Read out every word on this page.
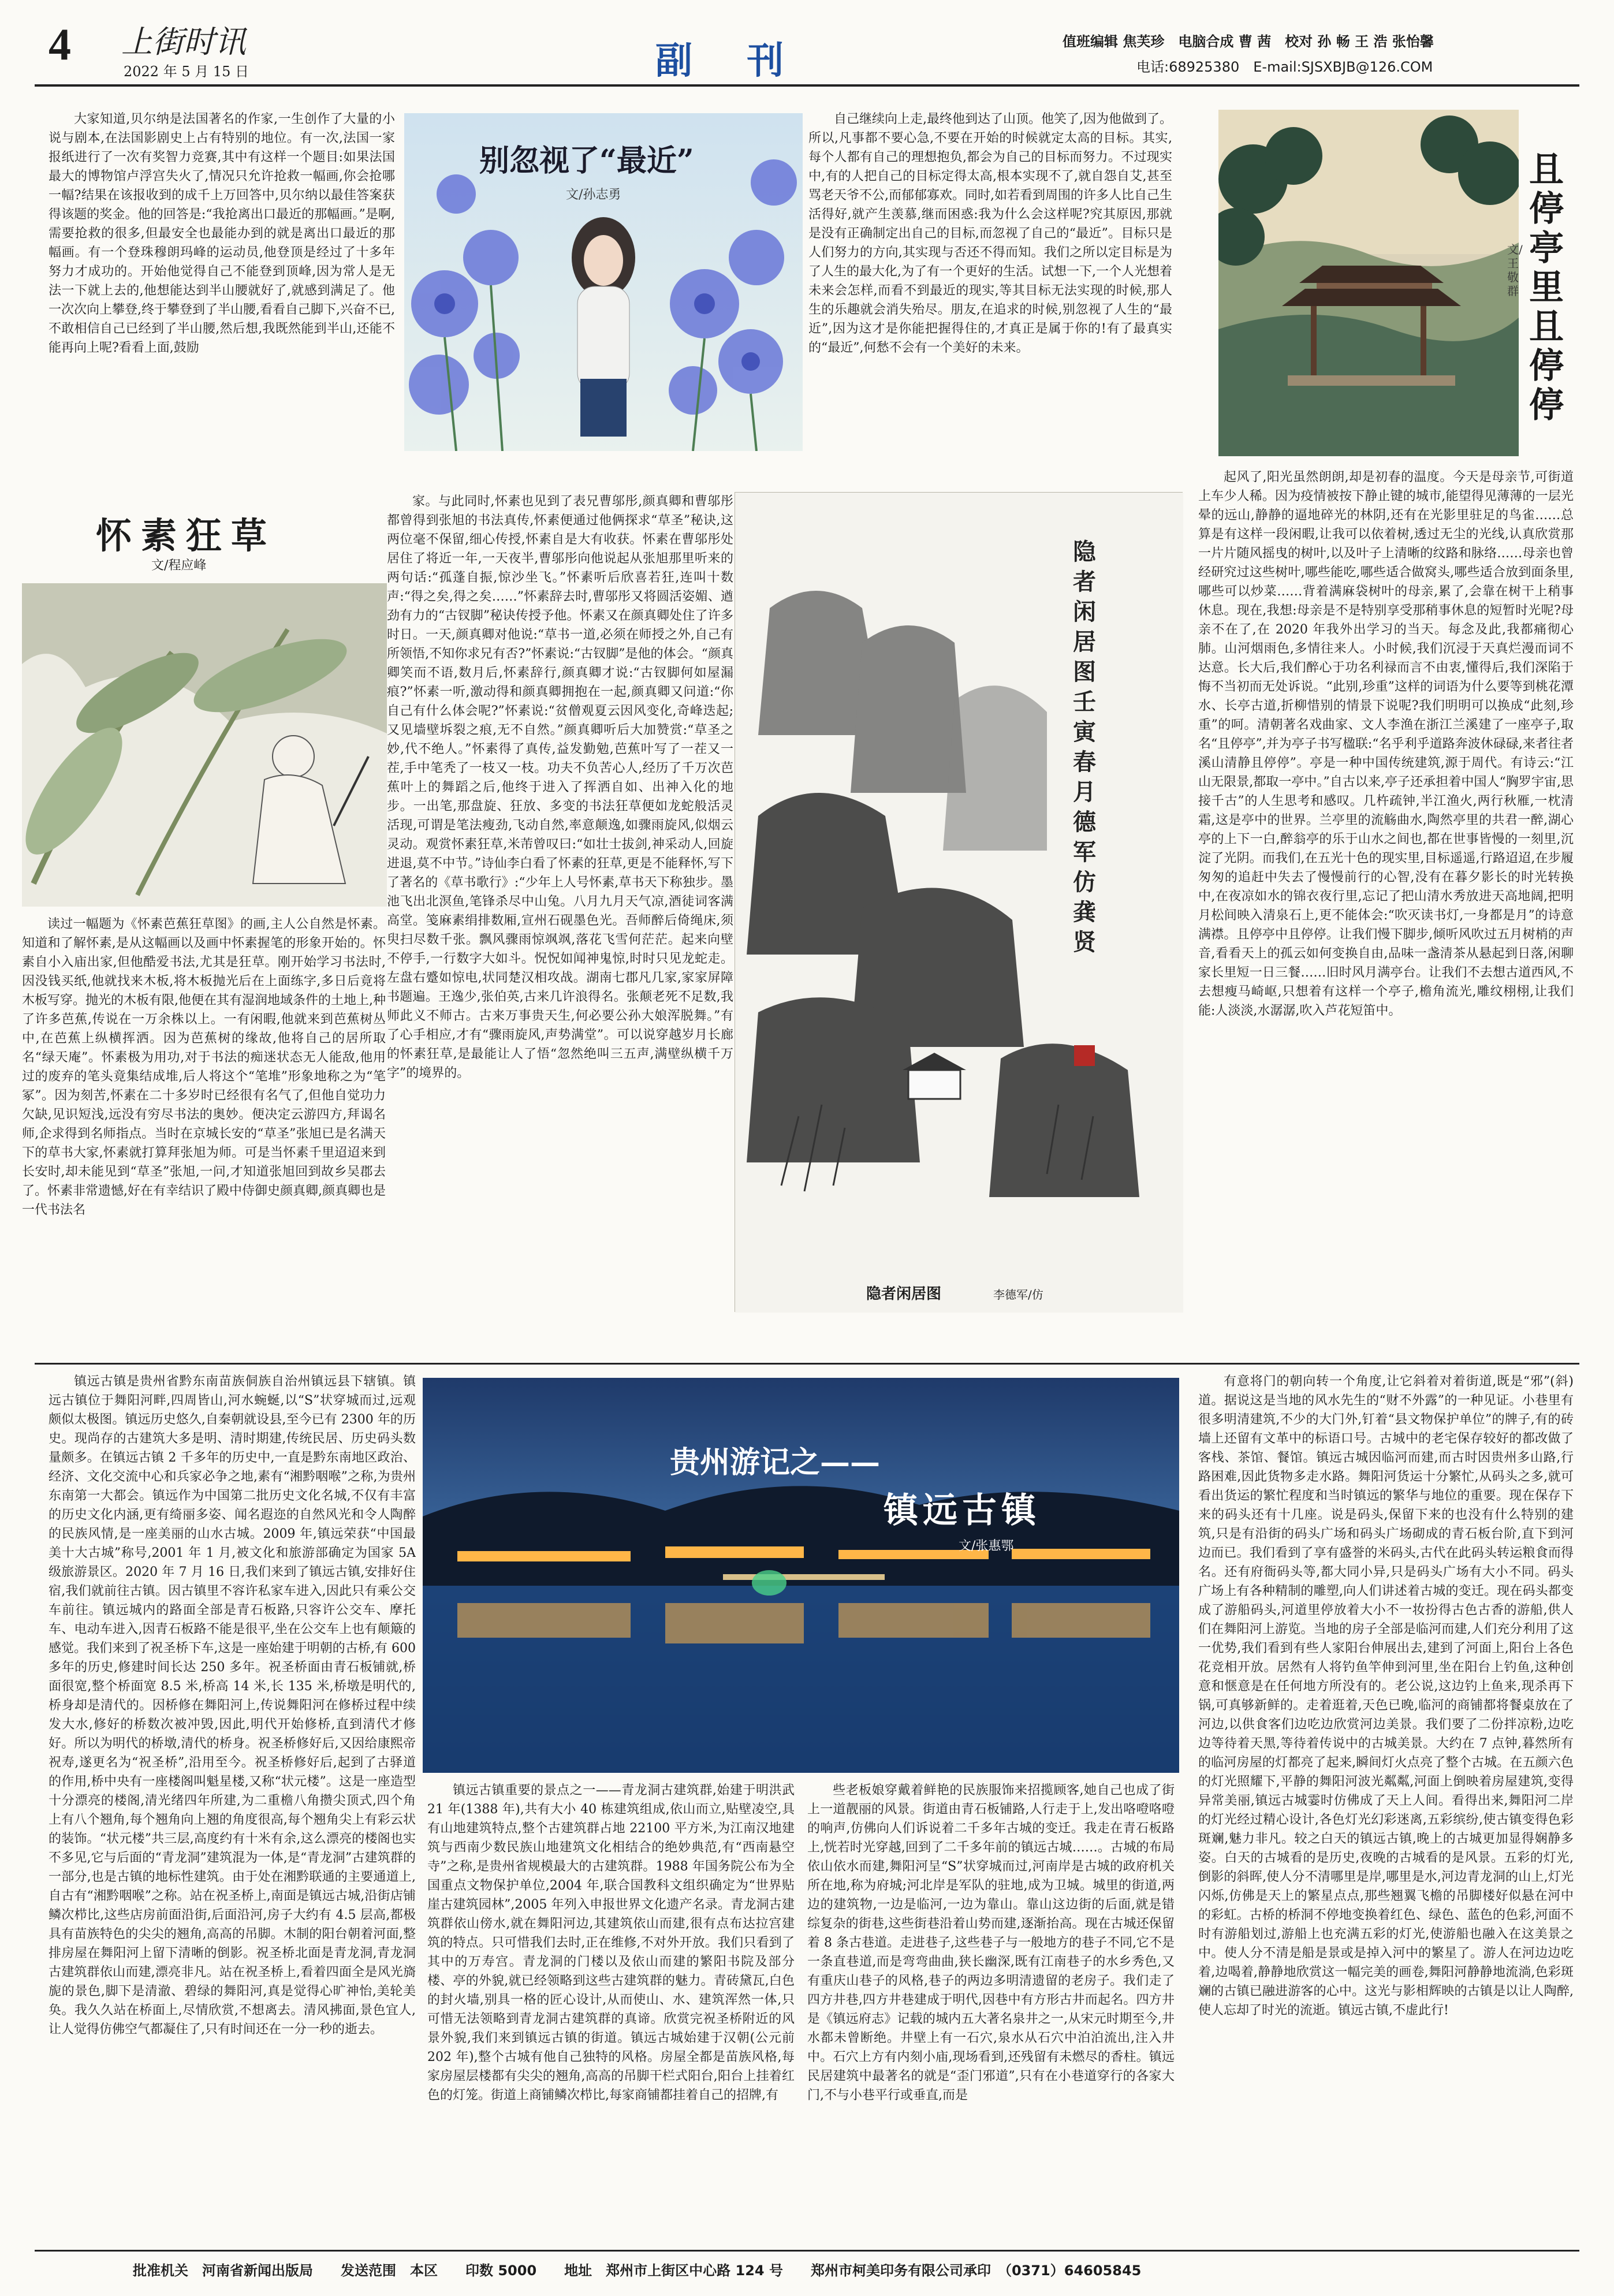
4 上街时讯
2022 年 5 月 15 日	副 刊	值班编辑 焦芙珍　电脑合成 曹 茜　校对 孙 畅 王 浩 张怡馨
电话:68925380　E-mail:SJSXBJB@126.COM

大家知道,贝尔纳是法国著名的作家,一生创作了大量的小说与剧本,在法国影剧史上占有特别的地位。有一次,法国一家报纸进行了一次有奖智力竞赛,其中有这样一个题目:如果法国最大的博物馆卢浮宫失火了,情况只允许抢救一幅画,你会抢哪一幅?结果在该报收到的成千上万回答中,贝尔纳以最佳答案获得该题的奖金。他的回答是:“我抢离出口最近的那幅画。”是啊,需要抢救的很多,但最安全也最能办到的就是离出口最近的那幅画。有一个登珠穆朗玛峰的运动员,他登顶是经过了十多年努力才成功的。开始他觉得自己不能登到顶峰,因为常人是无法一下就上去的,他想能达到半山腰就好了,就感到满足了。他一次次向上攀登,终于攀登到了半山腰,看看自己脚下,兴奋不已,不敢相信自己已经到了半山腰,然后想,我既然能到半山,还能不能再向上呢?看看上面,鼓励

别忽视了“最近”
文/孙志勇

自己继续向上走,最终他到达了山顶。他笑了,因为他做到了。所以,凡事都不要心急,不要在开始的时候就定太高的目标。其实,每个人都有自己的理想抱负,都会为自己的目标而努力。不过现实中,有的人把自己的目标定得太高,根本实现不了,就自怨自艾,甚至骂老天爷不公,而郁郁寡欢。同时,如若看到周围的许多人比自己生活得好,就产生羡慕,继而困惑:我为什么会这样呢?究其原因,那就是没有正确制定出自己的目标,而忽视了自己的“最近”。目标只是人们努力的方向,其实现与否还不得而知。我们之所以定目标是为了人生的最大化,为了有一个更好的生活。试想一下,一个人光想着未来会怎样,而看不到最近的现实,等其目标无法实现的时候,那人生的乐趣就会消失殆尽。朋友,在追求的时候,别忽视了人生的“最近”,因为这才是你能把握得住的,才真正是属于你的!有了最真实的“最近”,何愁不会有一个美好的未来。

且停亭里且停停
文/王敬群

起风了,阳光虽然朗朗,却是初春的温度。今天是母亲节,可街道上车少人稀。因为疫情被按下静止键的城市,能望得见薄薄的一层光晕的远山,静静的逼地碎光的林阴,还有在光影里驻足的鸟雀……总算是有这样一段闲暇,让我可以依着树,透过无尘的光线,认真欣赏那一片片随风摇曳的树叶,以及叶子上清晰的纹路和脉络……母亲也曾经研究过这些树叶,哪些能吃,哪些适合做窝头,哪些适合放到面条里,哪些可以炒菜……背着满麻袋树叶的母亲,累了,会靠在树干上稍事休息。现在,我想:母亲是不是特别享受那稍事休息的短暂时光呢?母亲不在了,在 2020 年我外出学习的当天。每念及此,我都痛彻心肺。山河烟雨色,多情往来人。小时候,我们沉浸于天真烂漫而词不达意。长大后,我们醉心于功名利禄而言不由衷,懂得后,我们深陷于悔不当初而无处诉说。“此别,珍重”这样的词语为什么要等到桃花潭水、长亭古道,折柳惜别的情景下说呢?我们明明可以换成“此刻,珍重”的呵。清朝著名戏曲家、文人李渔在浙江兰溪建了一座亭子,取名“且停亭”,并为亭子书写楹联:“名乎利乎道路奔波休碌碌,来者往者溪山清静且停停”。亭是一种中国传统建筑,源于周代。有诗云:“江山无限景,都取一亭中。”自古以来,亭子还承担着中国人“胸罗宇宙,思接千古”的人生思考和感叹。几杵疏钟,半江渔火,两行秋雁,一枕清霜,这是亭中的世界。兰亭里的流觞曲水,陶然亭里的共君一醉,湖心亭的上下一白,醉翁亭的乐于山水之间也,都在世事皆慢的一刻里,沉淀了光阴。而我们,在五光十色的现实里,目标遥遥,行路迢迢,在步履匆匆的追赶中失去了慢慢前行的心智,没有在暮夕影长的时光转换中,在夜凉如水的锦衣夜行里,忘记了把山清水秀放进天高地阔,把明月松间映入清泉石上,更不能体会:“吹灭读书灯,一身都是月”的诗意满襟。且停亭中且停停。让我们慢下脚步,倾听风吹过五月树梢的声音,看看天上的孤云如何变换自由,品味一盏清茶从悬起到日落,闲聊家长里短一日三餐……旧时风月满亭台。让我们不去想古道西风,不去想瘦马崎岖,只想着有这样一个亭子,檐角流光,雕纹栩栩,让我们能:人淡淡,水潺潺,吹入芦花短笛中。

怀素狂草
文/程应峰

读过一幅题为《怀素芭蕉狂草图》的画,主人公自然是怀素。知道和了解怀素,是从这幅画以及画中怀素握笔的形象开始的。怀素自小入庙出家,但他酷爱书法,尤其是狂草。刚开始学习书法时,因没钱买纸,他就找来木板,将木板抛光后在上面练字,多日后竟将木板写穿。抛光的木板有限,他便在其有湿润地域条件的土地上,种了许多芭蕉,传说在一万余株以上。一有闲暇,他就来到芭蕉树丛中,在芭蕉上纵横挥洒。因为芭蕉树的缘故,他将自己的居所取名“绿天庵”。怀素极为用功,对于书法的痴迷状态无人能敌,他用过的废弃的笔头竟集结成堆,后人将这个“笔堆”形象地称之为“笔冢”。因为刻苦,怀素在二十多岁时已经很有名气了,但他自觉功力欠缺,见识短浅,远没有穷尽书法的奥妙。便决定云游四方,拜谒名师,企求得到名师指点。当时在京城长安的“草圣”张旭已是名满天下的草书大家,怀素就打算拜张旭为师。可是当怀素千里迢迢来到长安时,却未能见到“草圣”张旭,一问,才知道张旭回到故乡吴郡去了。怀素非常遗憾,好在有幸结识了殿中侍御史颜真卿,颜真卿也是一代书法名

家。与此同时,怀素也见到了表兄曹邬彤,颜真卿和曹邬彤都曾得到张旭的书法真传,怀素便通过他俩探求“草圣”秘诀,这两位毫不保留,细心传授,怀素自是大有收获。怀素在曹邬彤处居住了将近一年,一天夜半,曹邬彤向他说起从张旭那里听来的两句话:“孤蓬自振,惊沙坐飞。”怀素听后欣喜若狂,连叫十数声:“得之矣,得之矣……”怀素辞去时,曹邬彤又将圆活姿媚、遒劲有力的“古钗脚”秘诀传授予他。怀素又在颜真卿处住了许多时日。一天,颜真卿对他说:“草书一道,必须在师授之外,自己有所领悟,不知你求兄有否?”怀素说:“古钗脚”是他的体会。“颜真卿笑而不语,数月后,怀素辞行,颜真卿才说:“古钗脚何如屋漏痕?”怀素一听,激动得和颜真卿拥抱在一起,颜真卿又问道:“你自己有什么体会呢?”怀素说:“贫僧观夏云因风变化,奇峰迭起;又见墙壁坼裂之痕,无不自然。”颜真卿听后大加赞赏:“草圣之妙,代不绝人。”怀素得了真传,益发勤勉,芭蕉叶写了一茬又一茬,手中笔秃了一枝又一枝。功夫不负苦心人,经历了千万次芭蕉叶上的舞蹈之后,他终于进入了挥洒自如、出神入化的地步。一出笔,那盘旋、狂放、多变的书法狂草便如龙蛇般活灵活现,可谓是笔法瘦劲,飞动自然,率意颠逸,如骤雨旋风,似烟云灵动。观赏怀素狂草,米芾曾叹曰:“如壮士拔剑,神采动人,回旋进退,莫不中节。”诗仙李白看了怀素的狂草,更是不能释怀,写下了著名的《草书歌行》:“少年上人号怀素,草书天下称独步。墨池飞出北溟鱼,笔锋杀尽中山兔。八月九月天气凉,酒徒词客满高堂。笺麻素绢排数厢,宣州石砚墨色光。吾师醉后倚绳床,须臾扫尽数千张。飘风骤雨惊飒飒,落花飞雪何茫茫。起来向壁不停手,一行数字大如斗。怳怳如闻神鬼惊,时时只见龙蛇走。左盘右蹙如惊电,状同楚汉相攻战。湖南七郡凡几家,家家屏障书题遍。王逸少,张伯英,古来几许浪得名。张颠老死不足数,我师此义不师古。古来万事贵天生,何必要公孙大娘浑脱舞。”有了心手相应,才有“骤雨旋风,声势满堂”。可以说穿越岁月长廊的怀素狂草,是最能让人了悟“忽然绝叫三五声,满壁纵横千万字”的境界的。

隐者闲居图 壬寅春月 德军 仿龚贤
隐者闲居图	李德军/仿

镇远古镇是贵州省黔东南苗族侗族自治州镇远县下辖镇。镇远古镇位于舞阳河畔,四周皆山,河水蜿蜒,以“S”状穿城而过,远观颇似太极图。镇远历史悠久,自秦朝就设县,至今已有 2300 年的历史。现尚存的古建筑大多是明、清时期建,传统民居、历史码头数量颇多。在镇远古镇 2 千多年的历史中,一直是黔东南地区政治、经济、文化交流中心和兵家必争之地,素有“湘黔咽喉”之称,为贵州东南第一大都会。镇远作为中国第二批历史文化名城,不仅有丰富的历史文化内涵,更有绮丽多姿、闻名遐迩的自然风光和令人陶醉的民族风情,是一座美丽的山水古城。2009 年,镇远荣获“中国最美十大古城”称号,2001 年 1 月,被文化和旅游部确定为国家 5A 级旅游景区。2020 年 7 月 16 日,我们来到了镇远古镇,安排好住宿,我们就前往古镇。因古镇里不容许私家车进入,因此只有乘公交车前往。镇远城内的路面全部是青石板路,只容许公交车、摩托车、电动车进入,因青石板路不能是很平,坐在公交车上也有颠簸的感觉。我们来到了祝圣桥下车,这是一座始建于明朝的古桥,有 600 多年的历史,修建时间长达 250 多年。祝圣桥面由青石板铺就,桥面很宽,整个桥面宽 8.5 米,桥高 14 米,长 135 米,桥墩是明代的,桥身却是清代的。因桥修在舞阳河上,传说舞阳河在修桥过程中续发大水,修好的桥数次被冲毁,因此,明代开始修桥,直到清代才修好。所以为明代的桥墩,清代的桥身。祝圣桥修好后,又因给康熙帝祝寿,遂更名为“祝圣桥”,沿用至今。祝圣桥修好后,起到了古驿道的作用,桥中央有一座楼阁叫魁星楼,又称“状元楼”。这是一座造型十分漂亮的楼阁,清光绪四年所建,为二重檐八角攒尖顶式,四个角上有八个翘角,每个翘角向上翘的角度很高,每个翘角尖上有彩云状的装饰。“状元楼”共三层,高度约有十米有余,这么漂亮的楼阁也实不多见,它与后面的“青龙洞”建筑混为一体,是“青龙洞”古建筑群的一部分,也是古镇的地标性建筑。由于处在湘黔联通的主要通道上,自古有“湘黔咽喉”之称。站在祝圣桥上,南面是镇远古城,沿街店铺鳞次栉比,这些店房前面沿街,后面沿河,房子大约有 4.5 层高,都极具有苗族特色的尖尖的翘角,高高的吊脚。木制的阳台朝着河面,整排房屋在舞阳河上留下清晰的倒影。祝圣桥北面是青龙洞,青龙洞古建筑群依山而建,漂亮非凡。站在祝圣桥上,看着四面全是风光旖旎的景色,脚下是清澈、碧绿的舞阳河,真是觉得心旷神怡,美轮美奂。我久久站在桥面上,尽情欣赏,不想离去。清风拂面,景色宜人,让人觉得仿佛空气都凝住了,只有时间还在一分一秒的逝去。

贵州游记之——
镇远古镇
文/张惠鄂

镇远古镇重要的景点之一——青龙洞古建筑群,始建于明洪武 21 年(1388 年),共有大小 40 栋建筑组成,依山而立,贴壁凌空,具有山地建筑特点,整个古建筑群占地 22100 平方米,为江南汉地建筑与西南少数民族山地建筑文化相结合的绝妙典范,有“西南悬空寺”之称,是贵州省规模最大的古建筑群。1988 年国务院公布为全国重点文物保护单位,2004 年,联合国教科文组织确定为“世界贴崖古建筑园林”,2005 年列入申报世界文化遗产名录。青龙洞古建筑群依山傍水,就在舞阳河边,其建筑依山而建,很有点布达拉宫建筑的特点。只可惜我们去时,正在维修,不对外开放。我们只看到了其中的万寿宫。青龙洞的门楼以及依山而建的繁阳书院及部分楼、亭的外貌,就已经领略到这些古建筑群的魅力。青砖黛瓦,白色的封火墙,别具一格的匠心设计,从而使山、水、建筑浑然一体,只可惜无法领略到青龙洞古建筑群的真谛。欣赏完祝圣桥附近的风景外貌,我们来到镇远古镇的街道。镇远古城始建于汉朝(公元前 202 年),整个古城有他自己独特的风格。房屋全都是苗族风格,每家房屋层楼都有尖尖的翘角,高高的吊脚干栏式阳台,阳台上挂着红色的灯笼。街道上商铺鳞次栉比,每家商铺都挂着自己的招牌,有

些老板娘穿戴着鲜艳的民族服饰来招揽顾客,她自己也成了街上一道靓丽的风景。街道由青石板铺路,人行走于上,发出咯噔咯噔的响声,仿佛向人们诉说着二千多年古城的变迁。我走在青石板路上,恍若时光穿越,回到了二千多年前的镇远古城……。古城的布局依山依水而建,舞阳河呈“S”状穿城而过,河南岸是古城的政府机关所在地,称为府城;河北岸是军队的驻地,成为卫城。城里的街道,两边的建筑物,一边是临河,一边为靠山。靠山这边街的后面,就是错综复杂的街巷,这些街巷沿着山势而建,逐渐抬高。现在古城还保留着 8 条古巷道。走进巷子,这些巷子与一般地方的巷子不同,它不是一条直巷道,而是弯弯曲曲,狭长幽深,既有江南巷子的水乡秀色,又有重庆山巷子的风格,巷子的两边多明清遗留的老房子。我们走了四方井巷,四方井巷建成于明代,因巷中有方形古井而起名。四方井是《镇远府志》记载的城内五大著名泉井之一,从宋元时期至今,井水都未曾断绝。井壁上有一石穴,泉水从石穴中泊泊流出,注入井中。石穴上方有内刻小庙,现场看到,还残留有未燃尽的香柱。镇远民居建筑中最著名的就是“歪门邪道”,只有在小巷道穿行的各家大门,不与小巷平行或垂直,而是

有意将门的朝向转一个角度,让它斜着对着街道,既是“邪”(斜)道。据说这是当地的风水先生的“财不外露”的一种见证。小巷里有很多明清建筑,不少的大门外,钉着“县文物保护单位”的牌子,有的砖墙上还留有文革中的标语口号。古城中的老宅保存较好的都改做了客栈、茶馆、餐馆。镇远古城因临河而建,而古时因贵州多山路,行路困难,因此货物多走水路。舞阳河货运十分繁忙,从码头之多,就可看出货运的繁忙程度和当时镇远的繁华与地位的重要。现在保存下来的码头还有十几座。说是码头,保留下来的也没有什么特别的建筑,只是有沿街的码头广场和码头广场砌成的青石板台阶,直下到河边而已。我们看到了享有盛誉的米码头,古代在此码头转运粮食而得名。还有府衙码头等,都大同小异,只是码头广场有大小不同。码头广场上有各种精制的雕塑,向人们讲述着古城的变迁。现在码头都变成了游船码头,河道里停放着大小不一妆扮得古色古香的游船,供人们在舞阳河上游览。当地的房子全部是临河而建,人们充分利用了这一优势,我们看到有些人家阳台伸展出去,建到了河面上,阳台上各色花竞相开放。居然有人将钓鱼竿伸到河里,坐在阳台上钓鱼,这种创意和惬意是在任何地方所没有的。老公说,这边钓上鱼来,现杀再下锅,可真够新鲜的。走着逛着,天色已晚,临河的商铺都将餐桌放在了河边,以供食客们边吃边欣赏河边美景。我们要了二份拌凉粉,边吃边等待着天黑,等待着传说中的古城美景。大约在 7 点钟,暮然所有的临河房屋的灯都亮了起来,瞬间灯火点亮了整个古城。在五颜六色的灯光照耀下,平静的舞阳河波光粼粼,河面上倒映着房屋建筑,变得异常美丽,镇远古城霎时仿佛成了天上人间。看得出来,舞阳河二岸的灯光经过精心设计,各色灯光幻彩迷离,五彩缤纷,使古镇变得色彩斑斓,魅力非凡。较之白天的镇远古镇,晚上的古城更加显得娴静多姿。白天的古城看的是历史,夜晚的古城看的是风景。五彩的灯光,倒影的斜晖,使人分不清哪里是岸,哪里是水,河边青龙洞的山上,灯光闪烁,仿佛是天上的繁星点点,那些翘翼飞檐的吊脚楼好似悬在河中的彩虹。古桥的桥洞不停地变换着红色、绿色、蓝色的色彩,河面不时有游船划过,游船上也充满五彩的灯光,使游船也融入在这美景之中。使人分不清是船是景或是掉入河中的繁星了。游人在河边边吃着,边喝着,静静地欣赏这一幅完美的画卷,舞阳河静静地流淌,色彩斑斓的古镇已融进游客的心中。这光与影相辉映的古镇是以让人陶醉,使人忘却了时光的流逝。镇远古镇,不虚此行!

批准机关　河南省新闻出版局　　发送范围　本区　　印数 5000　　地址　郑州市上街区中心路 124 号　　郑州市柯美印务有限公司承印　（0371）64605845
